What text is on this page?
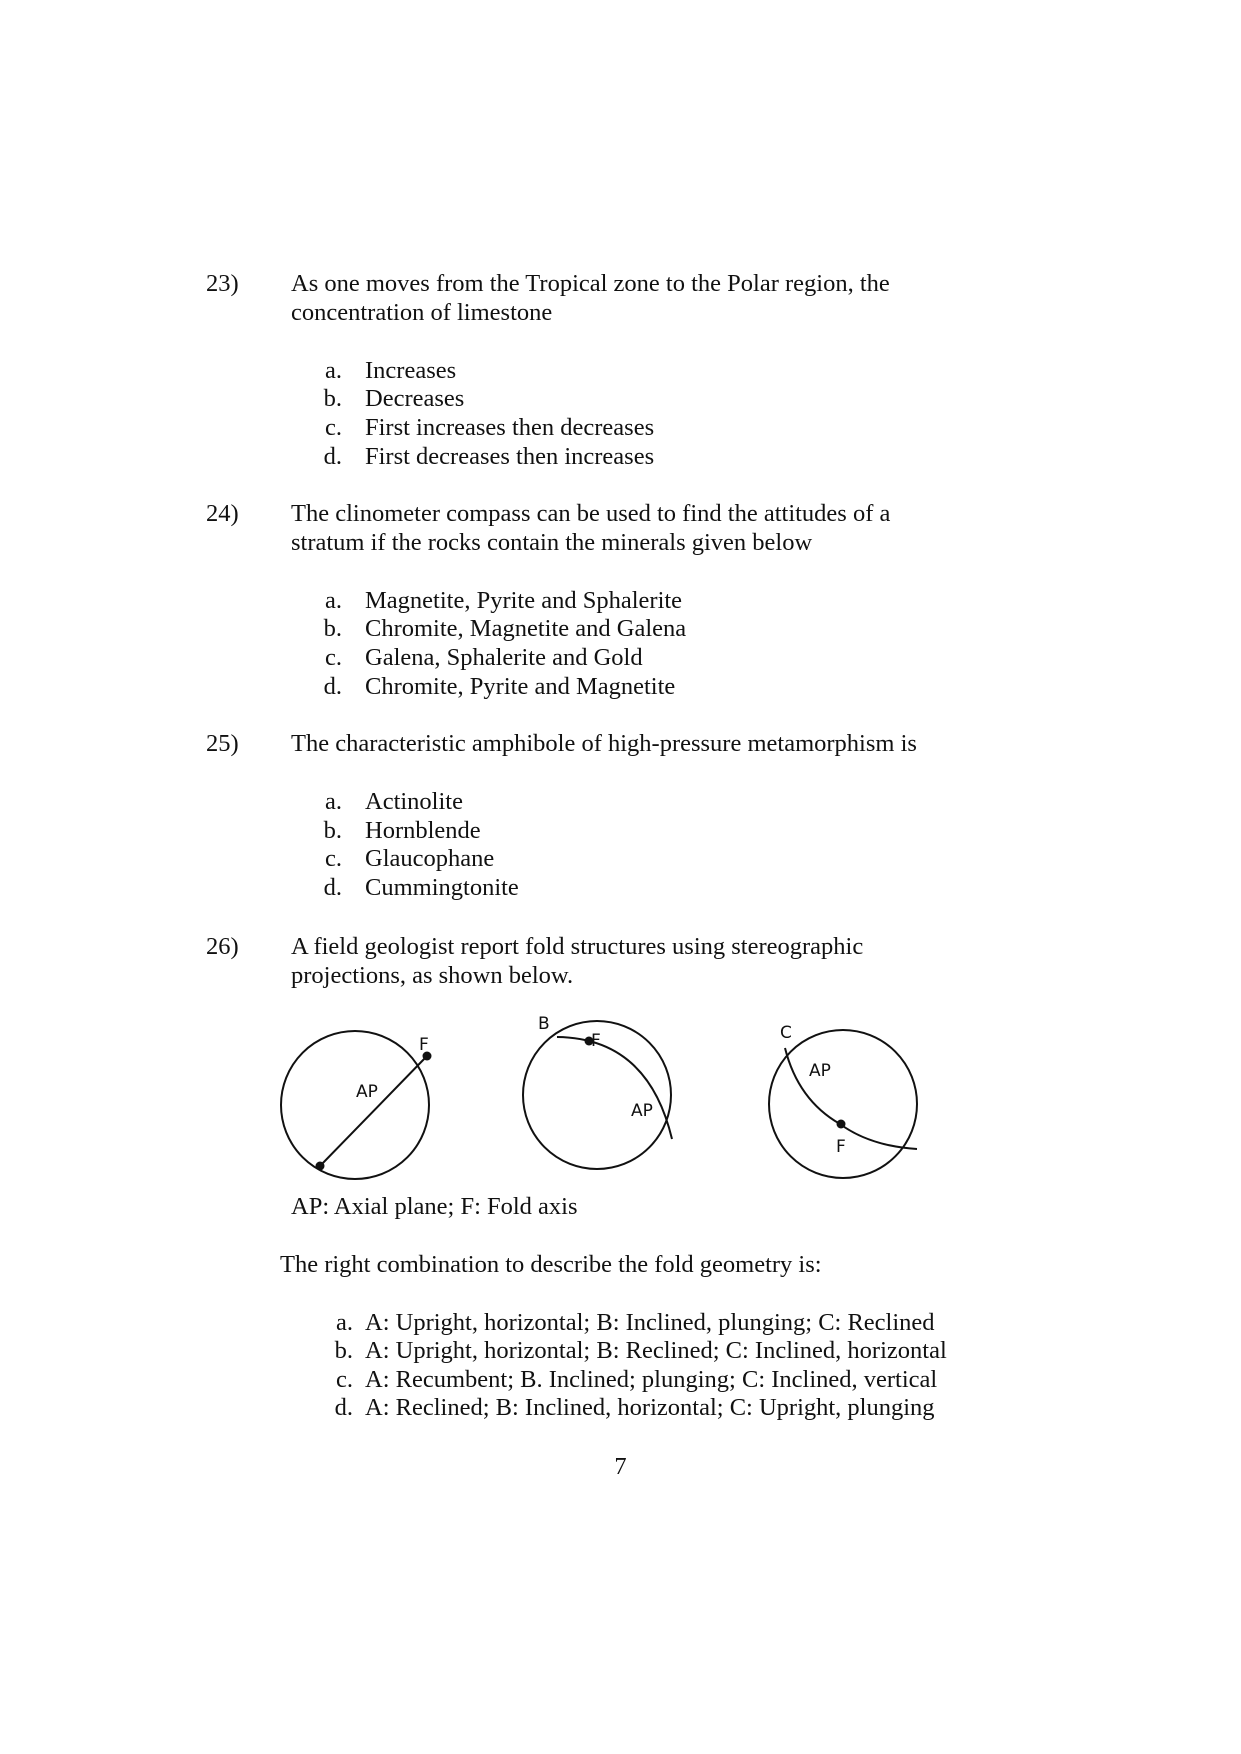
23) As one moves from the Tropical zone to the Polar region, the
concentration of limestone
a. Increases
b. Decreases
c. First increases then decreases
d. First decreases then increases
24) The clinometer compass can be used to find the attitudes of a
stratum if the rocks contain the minerals given below
a. Magnetite, Pyrite and Sphalerite
b. Chromite, Magnetite and Galena
c. Galena, Sphalerite and Gold
d. Chromite, Pyrite and Magnetite
25) The characteristic amphibole of high-pressure metamorphism is
a. Actinolite
b. Hornblende
c. Glaucophane
d. Cummingtonite
26) A field geologist report fold structures using stereographic
projections, as shown below.
AP
F
B
F
AP
C
AP
F
AP: Axial plane; F: Fold axis
The right combination to describe the fold geometry is:
a. A: Upright, horizontal; B: Inclined, plunging; C: Reclined
b. A: Upright, horizontal; B: Reclined; C: Inclined, horizontal
c. A: Recumbent; B. Inclined; plunging; C: Inclined, vertical
d. A: Reclined; B: Inclined, horizontal; C: Upright, plunging
7
